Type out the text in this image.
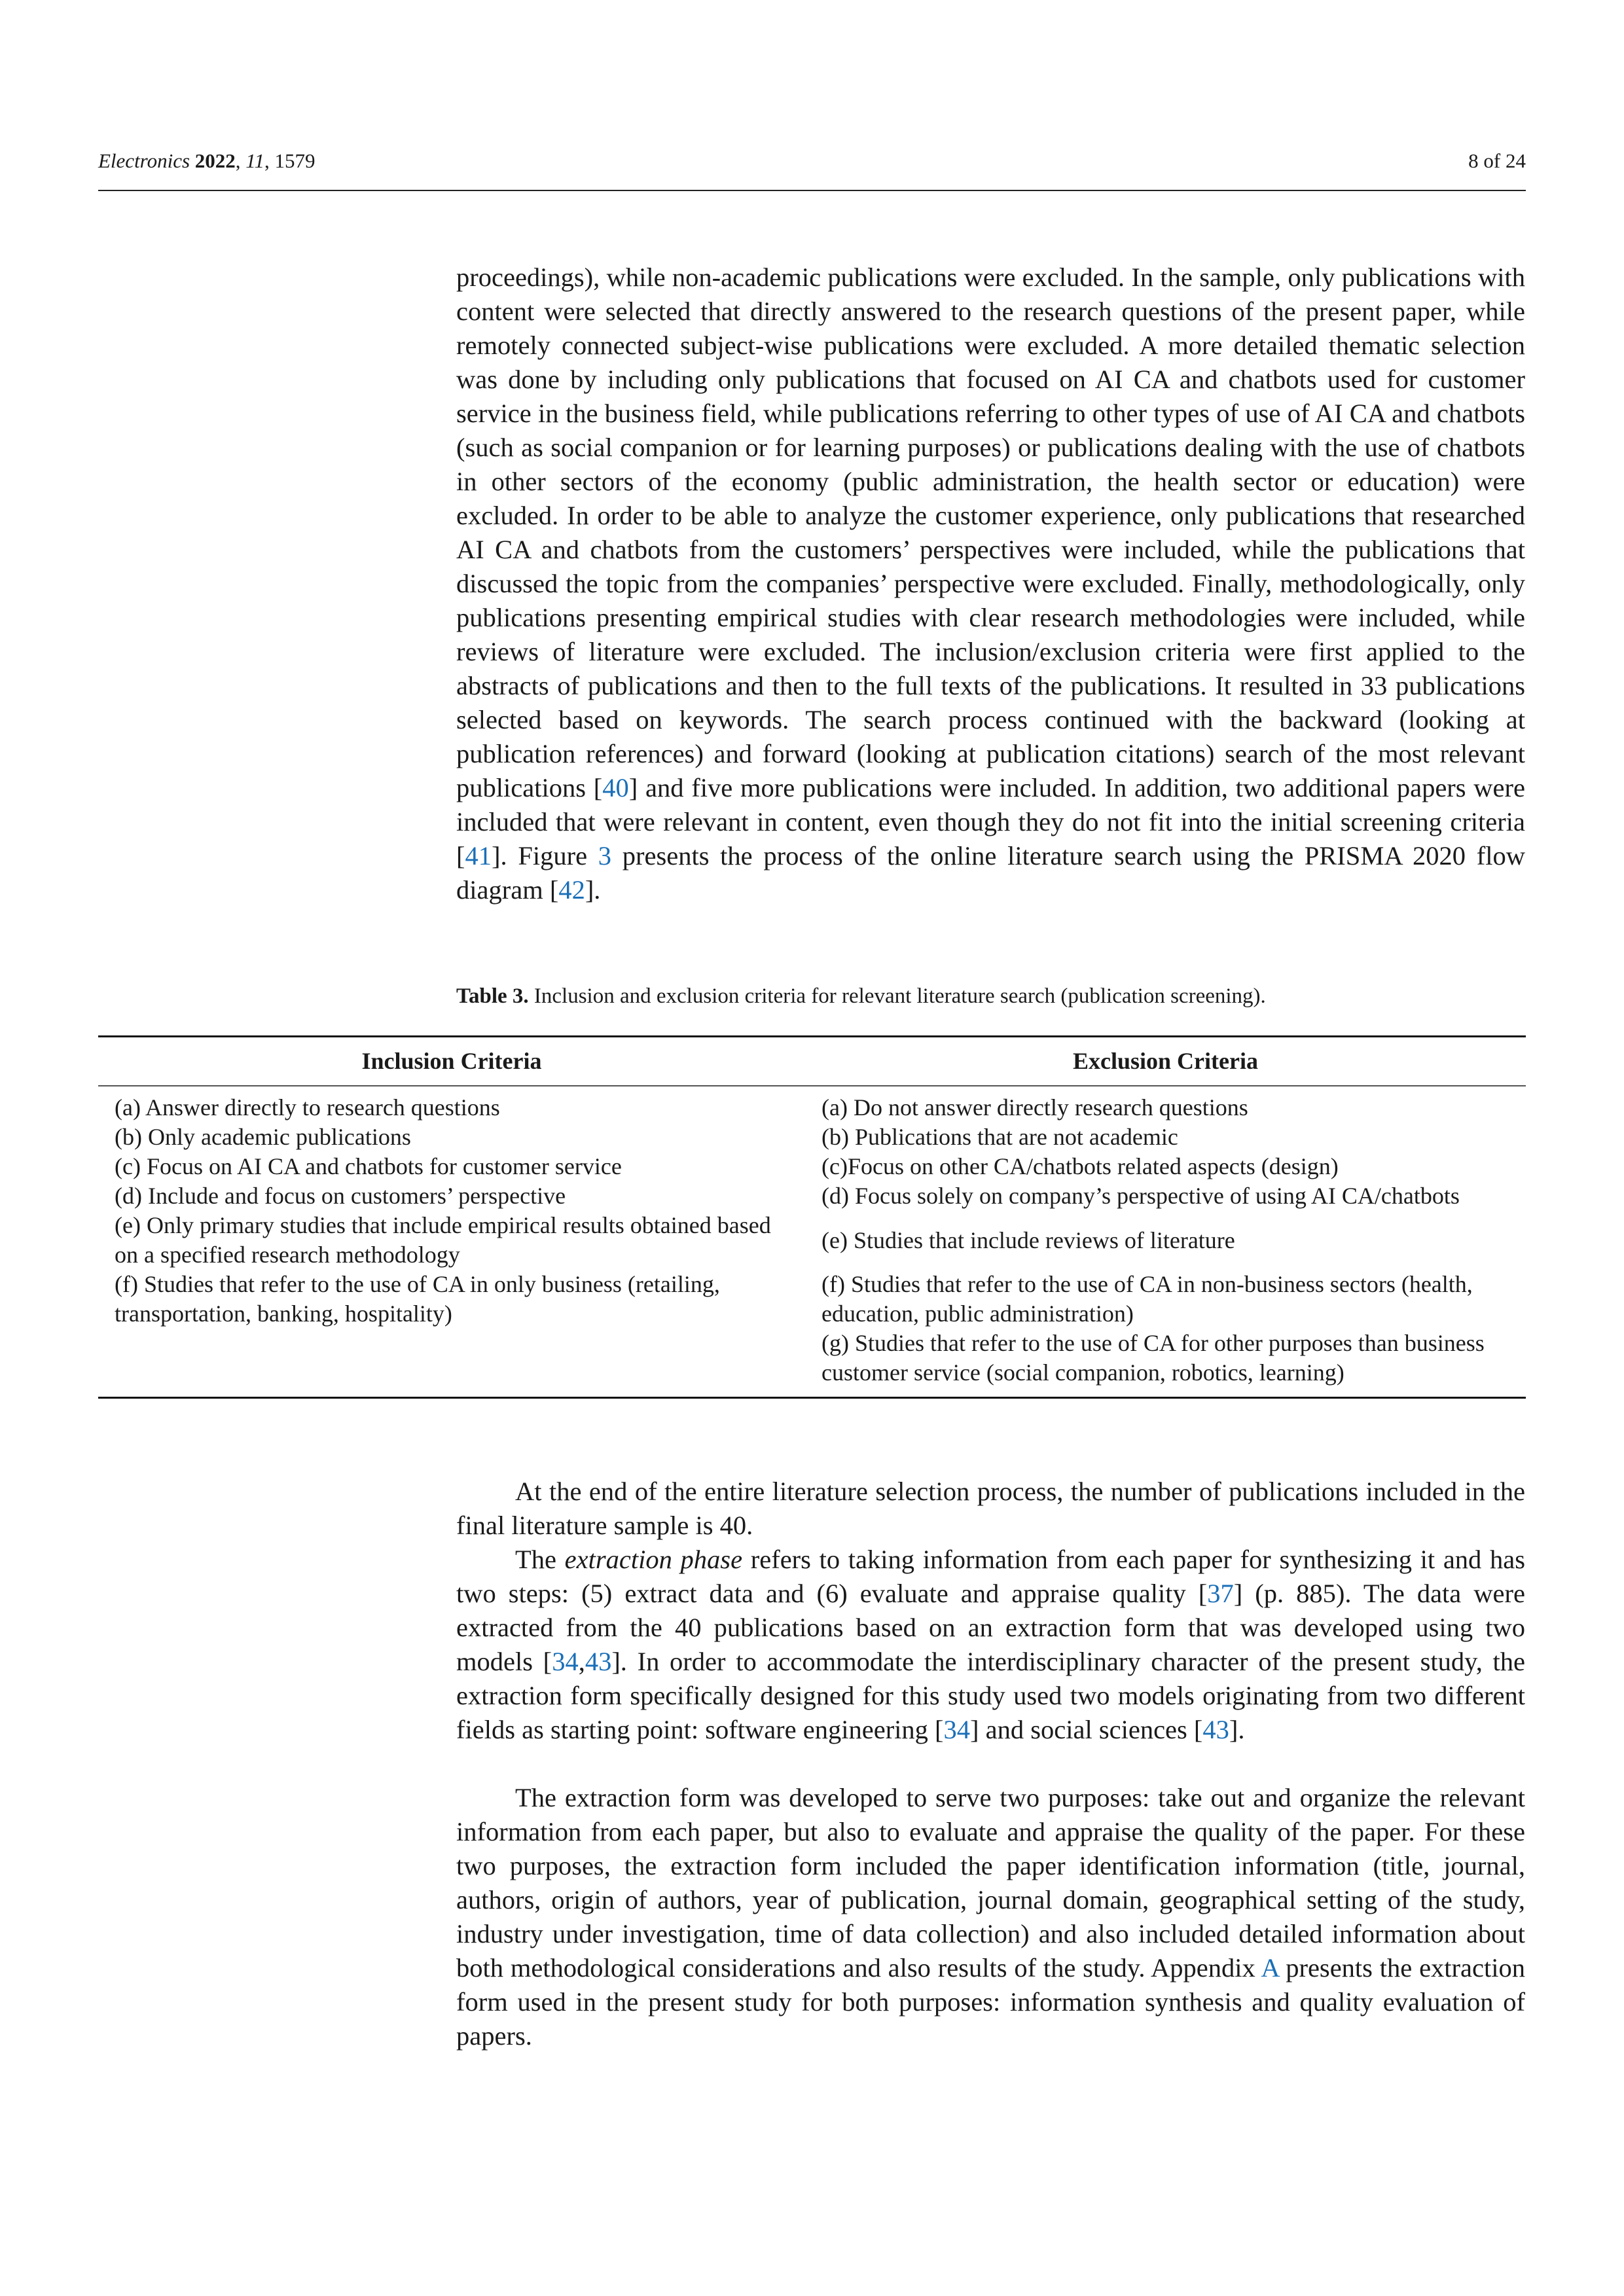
Electronics 2022, 11, 1579	8 of 24

proceedings), while non-academic publications were excluded. In the sample, only publications with content were selected that directly answered to the research questions of the present paper, while remotely connected subject-wise publications were excluded. A more detailed thematic selection was done by including only publications that focused on AI CA and chatbots used for customer service in the business field, while publications referring to other types of use of AI CA and chatbots (such as social companion or for learning purposes) or publications dealing with the use of chatbots in other sectors of the economy (public administration, the health sector or education) were excluded. In order to be able to analyze the customer experience, only publications that researched AI CA and chatbots from the customers’ perspectives were included, while the publications that discussed the topic from the companies’ perspective were excluded. Finally, methodologically, only publications presenting empirical studies with clear research methodologies were included, while reviews of literature were excluded. The inclusion/exclusion criteria were first applied to the abstracts of publications and then to the full texts of the publications. It resulted in 33 publications selected based on keywords. The search process continued with the backward (looking at publication references) and forward (looking at publication citations) search of the most relevant publications [40] and five more publications were included. In addition, two additional papers were included that were relevant in content, even though they do not fit into the initial screening criteria [41]. Figure 3 presents the process of the online literature search using the PRISMA 2020 flow diagram [42].

Table 3. Inclusion and exclusion criteria for relevant literature search (publication screening).
Inclusion Criteria	Exclusion Criteria
(a) Answer directly to research questions	(a) Do not answer directly research questions
(b) Only academic publications	(b) Publications that are not academic
(c) Focus on AI CA and chatbots for customer service	(c)Focus on other CA/chatbots related aspects (design)
(d) Include and focus on customers’ perspective	(d) Focus solely on company’s perspective of using AI CA/chatbots
(e) Only primary studies that include empirical results obtained based on a specified research methodology	(e) Studies that include reviews of literature
(f) Studies that refer to the use of CA in only business (retailing, transportation, banking, hospitality)	(f) Studies that refer to the use of CA in non-business sectors (health, education, public administration)
	(g) Studies that refer to the use of CA for other purposes than business customer service (social companion, robotics, learning)

At the end of the entire literature selection process, the number of publications included in the final literature sample is 40.

The extraction phase refers to taking information from each paper for synthesizing it and has two steps: (5) extract data and (6) evaluate and appraise quality [37] (p. 885). The data were extracted from the 40 publications based on an extraction form that was developed using two models [34,43]. In order to accommodate the interdisciplinary character of the present study, the extraction form specifically designed for this study used two models originating from two different fields as starting point: software engineering [34] and social sciences [43].

The extraction form was developed to serve two purposes: take out and organize the relevant information from each paper, but also to evaluate and appraise the quality of the paper. For these two purposes, the extraction form included the paper identification information (title, journal, authors, origin of authors, year of publication, journal domain, geographical setting of the study, industry under investigation, time of data collection) and also included detailed information about both methodological considerations and also results of the study. Appendix A presents the extraction form used in the present study for both purposes: information synthesis and quality evaluation of papers.
